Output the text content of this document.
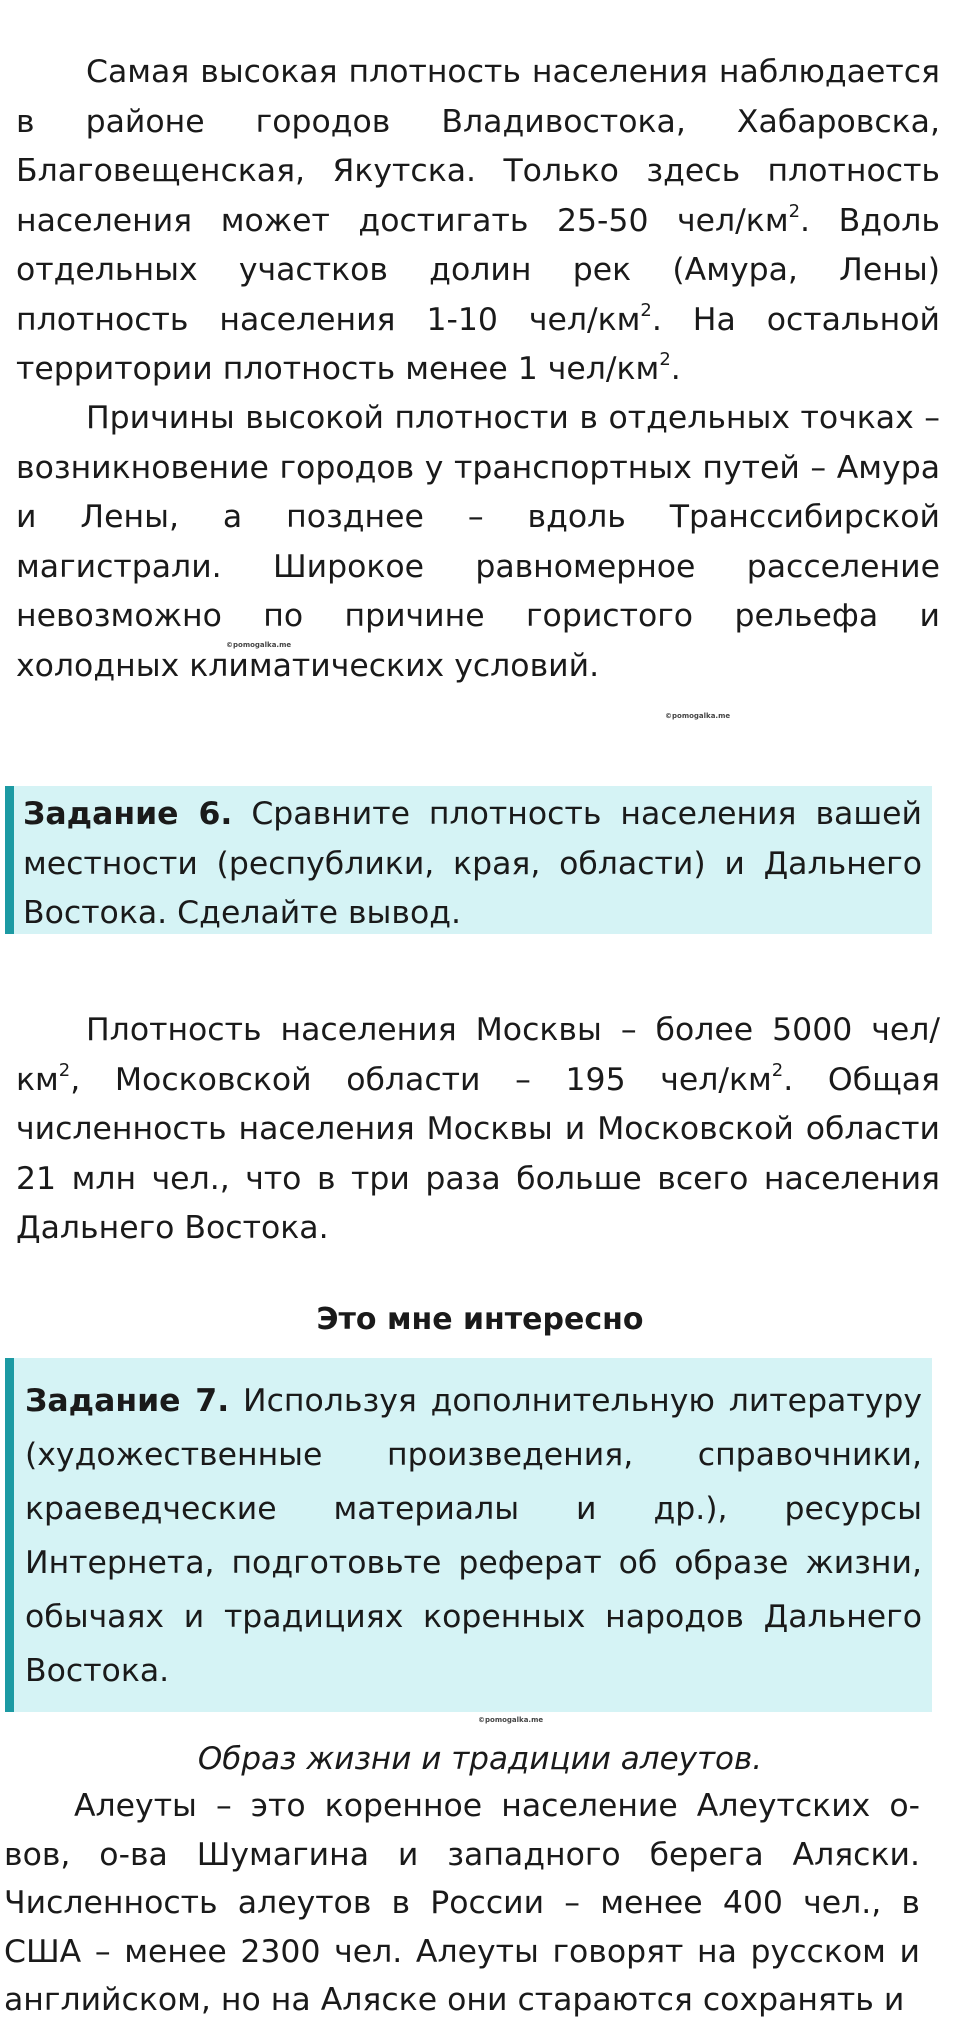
Самая высокая плотность населения наблюдается в районе городов Владивостока, Хабаровска, Благовещенская, Якутска. Только здесь плотность населения может достигать 25-50 чел/$км^2$. Вдоль отдельных участков долин рек (Амура, Лены) плотность населения 1-10 чел/$км^2$. На остальной территории плотность менее 1 чел/$км^2$.

Причины высокой плотности в отдельных точках – возникновение городов у транспортных путей – Амура и Лены, а позднее – вдоль Транссибирской магистрали. Широкое равномерное расселение невозможно по причине гористого рельефа и холодных климатических условий.

©pomogalka.me
©pomogalka.me

Задание 6. Сравните плотность населения вашей местности (республики, края, области) и Дальнего Востока. Сделайте вывод.

Плотность населения Москвы – более 5000 чел/$км^2$, Московской области – 195 чел/$км^2$. Общая численность населения Москвы и Московской области 21 млн чел., что в три раза больше всего населения Дальнего Востока.

Это мне интересно

Задание 7. Используя дополнительную литературу (художественные произведения, справочники, краеведческие материалы и др.), ресурсы Интернета, подготовьте реферат об образе жизни, обычаях и традициях коренных народов Дальнего Востока.

©pomogalka.me
Образ жизни и традиции алеутов.

Алеуты – это коренное население Алеутских о-вов, о-ва Шумагина и западного берега Аляски. Численность алеутов в России – менее 400 чел., в США – менее 2300 чел. Алеуты говорят на русском и английском, но на Аляске они стараются сохранять и
